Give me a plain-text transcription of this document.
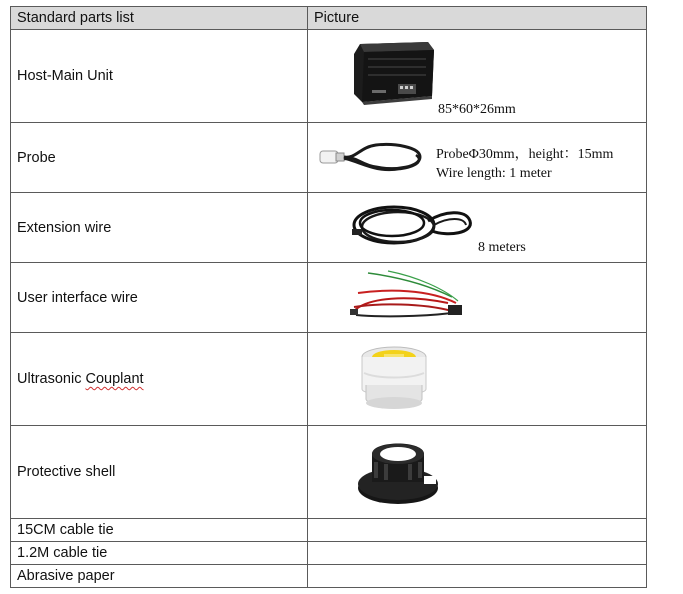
Standard parts list	Picture
Host-Main Unit	85*60*26mm

Probe	ProbeΦ30mm，height：15mm
Wire length: 1 meter

Extension wire	8 meters

User interface wire	

Ultrasonic Couplant	

Protective shell	

15CM cable tie	
1.2M cable tie	
Abrasive paper	
